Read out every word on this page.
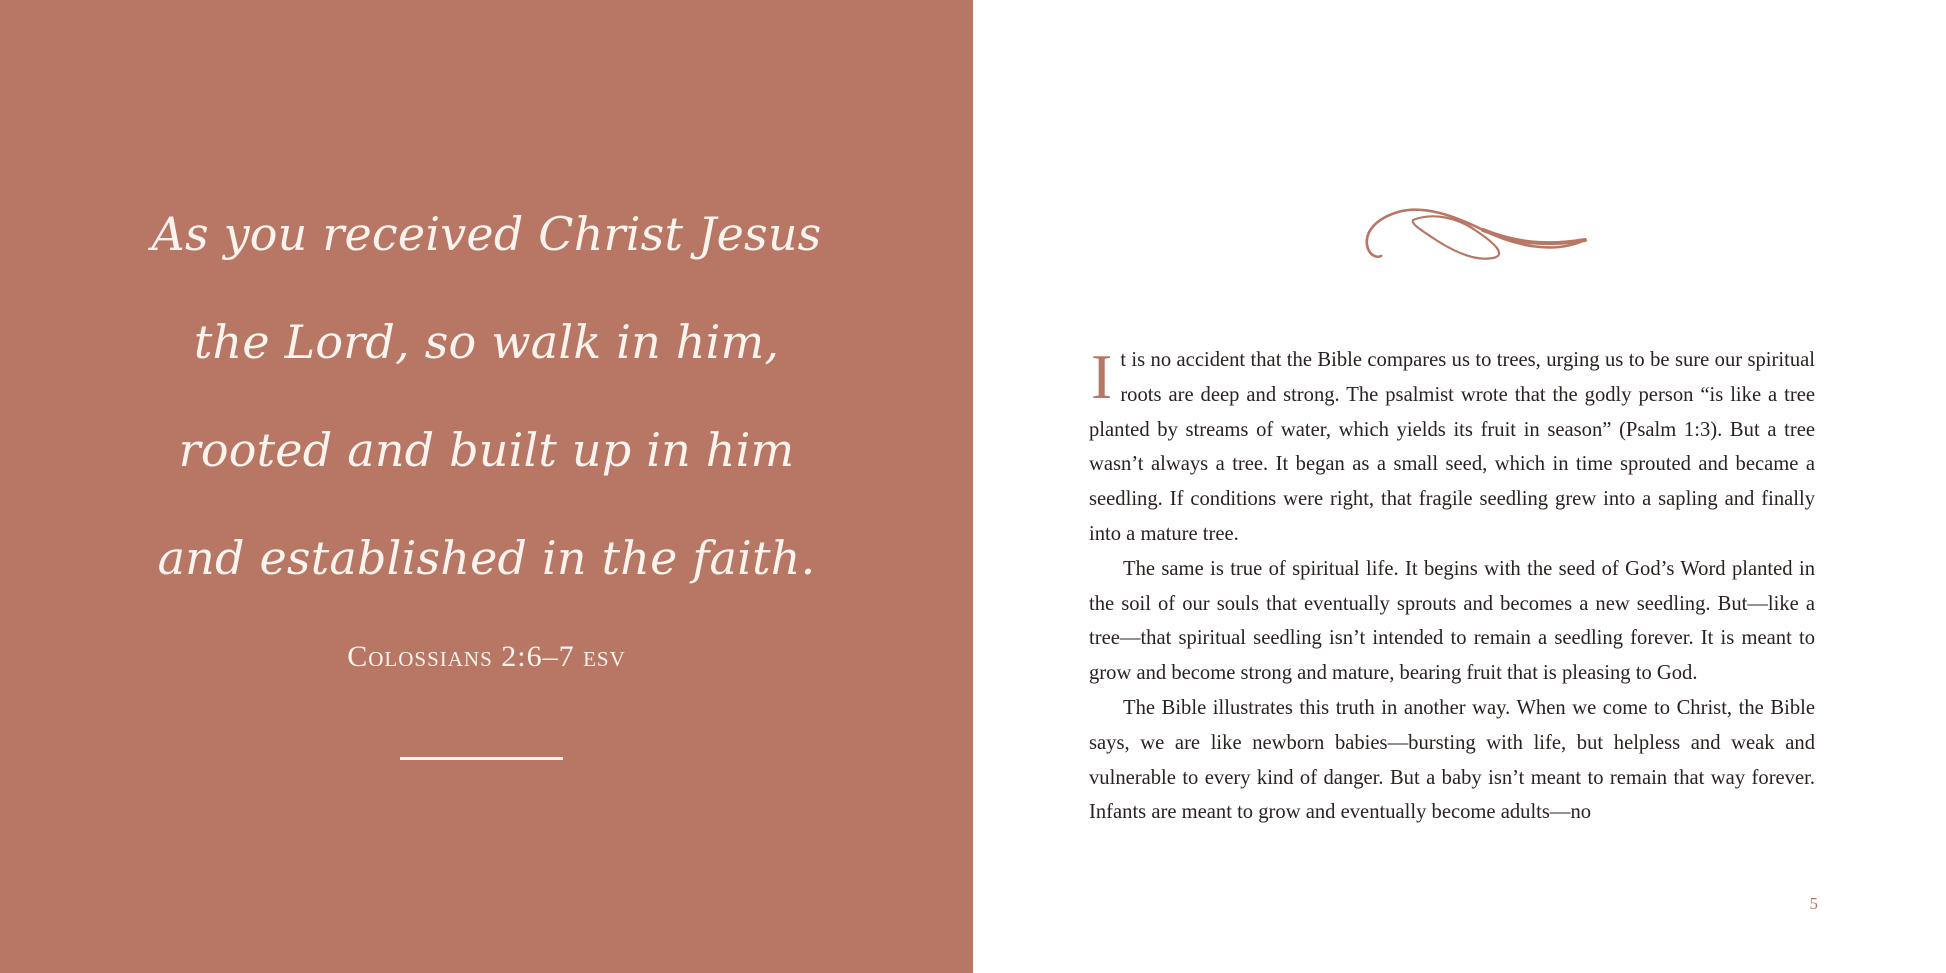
As you received Christ Jesus
the Lord, so walk in him,
rooted and built up in him
and established in the faith.
Colossians 2:6–7 esv

It is no accident that the Bible compares us to trees, urging us to be sure our spiritual roots are deep and strong. The psalmist wrote that the godly person “is like a tree planted by streams of water, which yields its fruit in season” (Psalm 1:3). But a tree wasn’t always a tree. It began as a small seed, which in time sprouted and became a seedling. If conditions were right, that fragile seedling grew into a sapling and finally into a mature tree.

The same is true of spiritual life. It begins with the seed of God’s Word planted in the soil of our souls that eventually sprouts and becomes a new seedling. But—like a tree—that spiritual seedling isn’t intended to remain a seedling forever. It is meant to grow and become strong and mature, bearing fruit that is pleasing to God.

The Bible illustrates this truth in another way. When we come to Christ, the Bible says, we are like newborn babies—bursting with life, but helpless and weak and vulnerable to every kind of danger. But a baby isn’t meant to remain that way forever. Infants are meant to grow and eventually become adults—no

5
